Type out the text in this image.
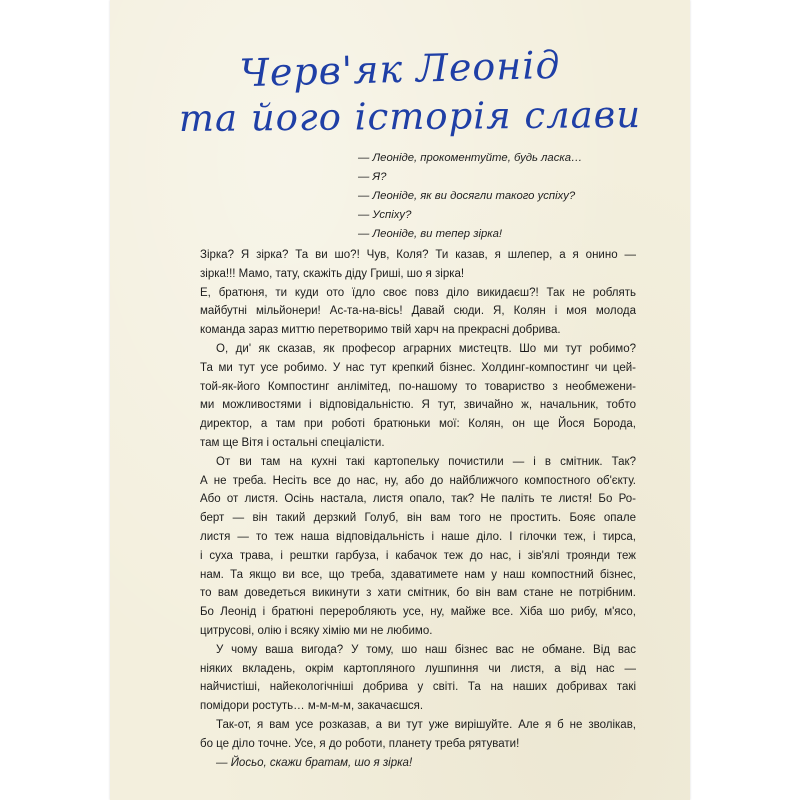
Черв'як Леонід
та його історія слави
— Леоніде, прокоментуйте, будь ласка…
— Я?
— Леоніде, як ви досягли такого успіху?
— Успіху?
— Леоніде, ви тепер зірка!

Зірка? Я зірка? Та ви шо?! Чув, Коля? Ти казав, я шлепер, а я онино —

зірка!!! Мамо, тату, скажіть діду Гриші, шо я зірка!

Е, братюня, ти куди ото їдло своє повз діло викидаєш?! Так не роблять

майбутні мільйонери! Ас-та-на-вісь! Давай сюди. Я, Колян і моя молода

команда зараз миттю перетворимо твій харч на прекрасні добрива.

О, ди' як сказав, як професор аграрних мистецтв. Шо ми тут робимо?

Та ми тут усе робимо. У нас тут крепкий бізнес. Холдинг-компостинг чи цей-

той-як-його Компостинг анлімітед, по-нашому то товариство з необмежени-

ми можливостями і відповідальністю. Я тут, звичайно ж, начальник, тобто

директор, а там при роботі братюньки мої: Колян, он ще Йося Борода,

там ще Вітя і остальні спеціалісти.

От ви там на кухні такі картопельку почистили — і в смітник. Так?

А не треба. Несіть все до нас, ну, або до найближчого компостного об'єкту.

Або от листя. Осінь настала, листя опало, так? Не паліть те листя! Бо Ро-

берт — він такий дерзкий Голуб, він вам того не простить. Бояє опале

листя — то теж наша відповідальність і наше діло. І гілочки теж, і тирса,

і суха трава, і рештки гарбуза, і кабачок теж до нас, і зів'ялі троянди теж

нам. Та якщо ви все, що треба, здаватимете нам у наш компостний бізнес,

то вам доведеться викинути з хати смітник, бо він вам стане не потрібним.

Бо Леонід і братюні переробляють усе, ну, майже все. Хіба шо рибу, м'ясо,

цитрусові, олію і всяку хімію ми не любимо.

У чому ваша вигода? У тому, шо наш бізнес вас не обмане. Від вас

ніяких вкладень, окрім картопляного лушпиння чи листя, а від нас —

найчистіші, найекологічніші добрива у світі. Та на наших добривах такі

помідори ростуть… м-м-м-м, закачаєшся.

Так-от, я вам усе розказав, а ви тут уже вирішуйте. Але я б не зволікав,

бо це діло точне. Усе, я до роботи, планету треба рятувати!

— Йосьо, скажи братам, шо я зірка!
